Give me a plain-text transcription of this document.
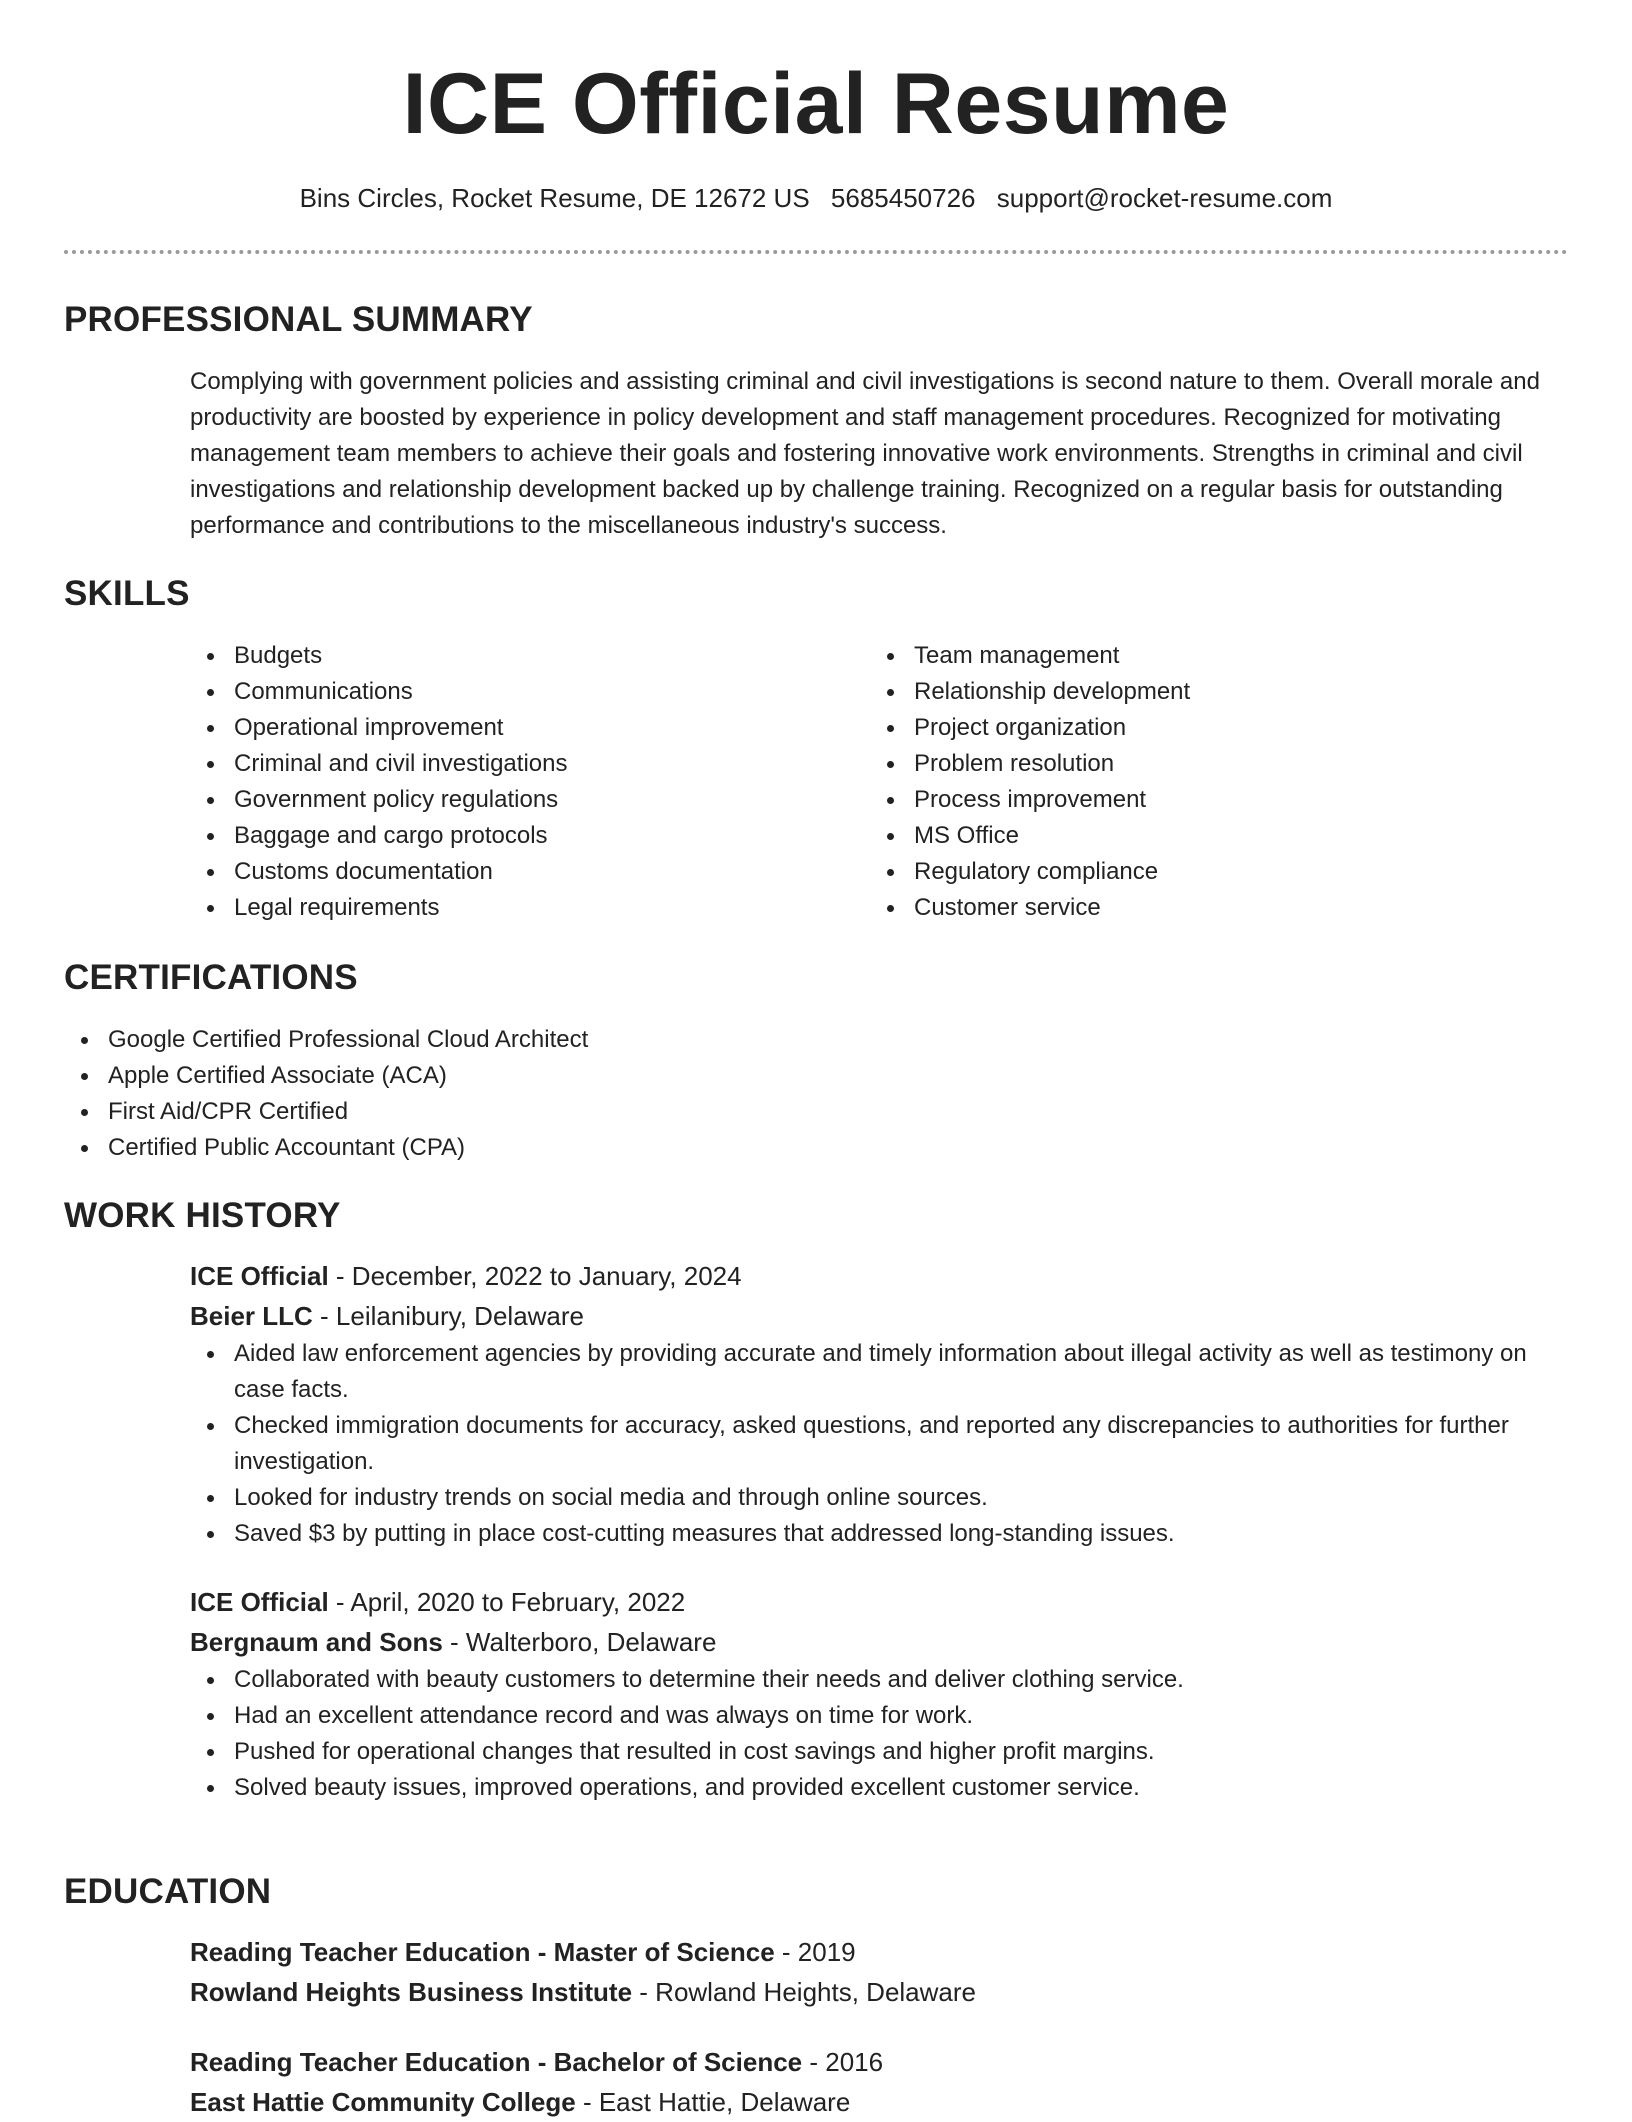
ICE Official Resume
Bins Circles, Rocket Resume, DE 12672 US 5685450726 support@rocket-resume.com
PROFESSIONAL SUMMARY
Complying with government policies and assisting criminal and civil investigations is second nature to them. Overall morale and productivity are boosted by experience in policy development and staff management procedures. Recognized for motivating management team members to achieve their goals and fostering innovative work environments. Strengths in criminal and civil investigations and relationship development backed up by challenge training. Recognized on a regular basis for outstanding performance and contributions to the miscellaneous industry's success.
SKILLS
Budgets
Communications
Operational improvement
Criminal and civil investigations
Government policy regulations
Baggage and cargo protocols
Customs documentation
Legal requirements
Team management
Relationship development
Project organization
Problem resolution
Process improvement
MS Office
Regulatory compliance
Customer service
CERTIFICATIONS
Google Certified Professional Cloud Architect
Apple Certified Associate (ACA)
First Aid/CPR Certified
Certified Public Accountant (CPA)
WORK HISTORY
ICE Official - December, 2022 to January, 2024
Beier LLC - Leilanibury, Delaware
Aided law enforcement agencies by providing accurate and timely information about illegal activity as well as testimony on case facts.
Checked immigration documents for accuracy, asked questions, and reported any discrepancies to authorities for further investigation.
Looked for industry trends on social media and through online sources.
Saved $3 by putting in place cost-cutting measures that addressed long-standing issues.
ICE Official - April, 2020 to February, 2022
Bergnaum and Sons - Walterboro, Delaware
Collaborated with beauty customers to determine their needs and deliver clothing service.
Had an excellent attendance record and was always on time for work.
Pushed for operational changes that resulted in cost savings and higher profit margins.
Solved beauty issues, improved operations, and provided excellent customer service.
EDUCATION
Reading Teacher Education - Master of Science - 2019
Rowland Heights Business Institute - Rowland Heights, Delaware
Reading Teacher Education - Bachelor of Science - 2016
East Hattie Community College - East Hattie, Delaware
